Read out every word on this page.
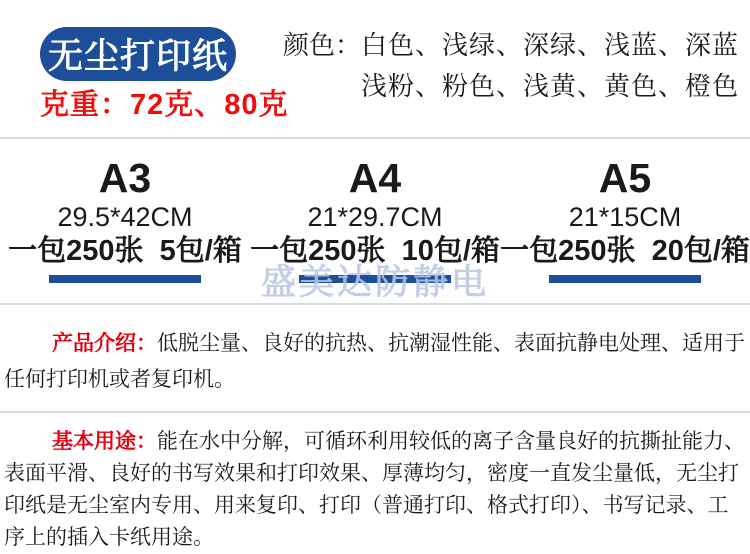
无尘打印纸
克重：72克、80克
颜色： 白色、浅绿、深绿、浅蓝、深蓝
浅粉、粉色、浅黄、黄色、橙色
A3
29.5*42CM
一包250张  5包/箱
A4
21*29.7CM
一包250张  10包/箱
A5
21*15CM
一包250张  20包/箱
盛美达防静电

产品介绍：低脱尘量、良好的抗热、抗潮湿性能、表面抗静电处理、适用于任何打印机或者复印机。

基本用途：能在水中分解，可循环利用较低的离子含量良好的抗撕扯能力、表面平滑、良好的书写效果和打印效果、厚薄均匀，密度一直发尘量低，无尘打印纸是无尘室内专用、用来复印、打印（普通打印、格式打印）、书写记录、工序上的插入卡纸用途。
